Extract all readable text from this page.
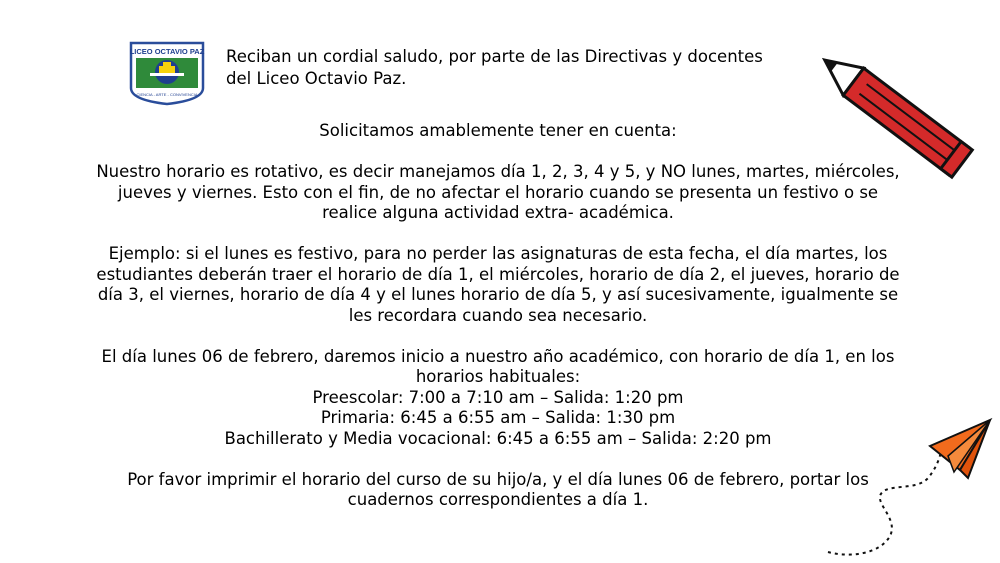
LICEO OCTAVIO PAZ
CIENCIA - ARTE - CONVIVENCIA
Reciban un cordial saludo, por parte de las Directivas y docentes
del Liceo Octavio Paz.

Solicitamos amablemente tener en cuenta:

Nuestro horario es rotativo, es decir manejamos día 1, 2, 3, 4 y 5, y NO lunes, martes, miércoles,

jueves y viernes. Esto con el fin, de no afectar el horario cuando se presenta un festivo o se

realice alguna actividad extra- académica.

Ejemplo: si el lunes es festivo, para no perder las asignaturas de esta fecha, el día martes, los

estudiantes deberán traer el horario de día 1, el miércoles, horario de día 2, el jueves, horario de

día 3, el viernes, horario de día 4 y el lunes horario de día 5, y así sucesivamente, igualmente se

les recordara cuando sea necesario.

El día lunes 06 de febrero, daremos inicio a nuestro año académico, con horario de día 1, en los

horarios habituales:

Preescolar: 7:00 a 7:10 am – Salida: 1:20 pm

Primaria: 6:45 a 6:55 am – Salida: 1:30 pm

Bachillerato y Media vocacional: 6:45 a 6:55 am – Salida: 2:20 pm

Por favor imprimir el horario del curso de su hijo/a, y el día lunes 06 de febrero, portar los

cuadernos correspondientes a día 1.
